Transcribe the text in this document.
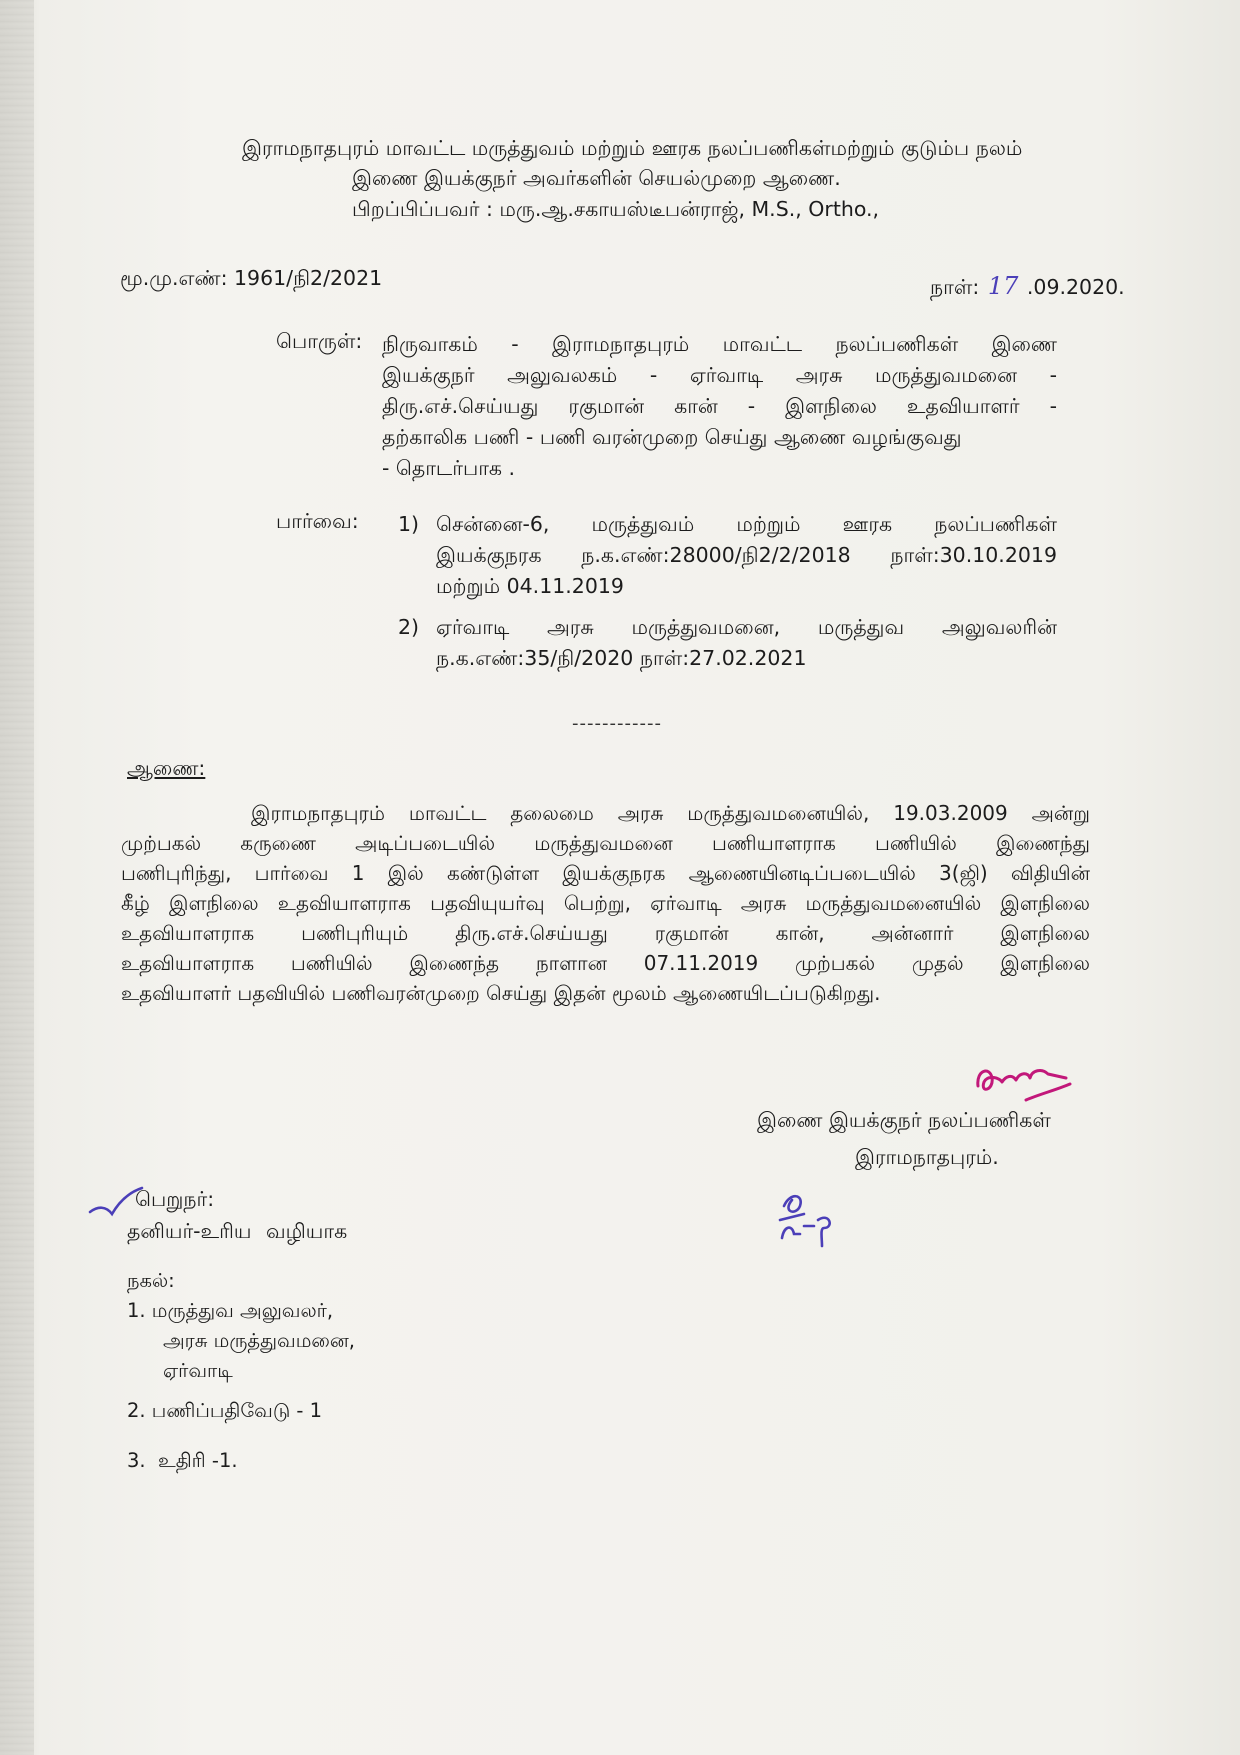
இராமநாதபுரம் மாவட்ட மருத்துவம் மற்றும் ஊரக நலப்பணிகள்மற்றும் குடும்ப நலம்
இணை இயக்குநர் அவர்களின் செயல்முறை ஆணை.
பிறப்பிப்பவர் : மரு.ஆ.சகாயஸ்டீபன்ராஜ், M.S., Ortho.,
மூ.மு.எண்: 1961/நி2/2021	நாள்: 17 .09.2020.
பொருள்: நிருவாகம் - இராமநாதபுரம் மாவட்ட நலப்பணிகள் இணை
இயக்குநர் அலுவலகம் - ஏர்வாடி அரசு மருத்துவமனை -
திரு.எச்.செய்யது ரகுமான் கான் - இளநிலை உதவியாளர் -
தற்காலிக பணி - பணி வரன்முறை செய்து ஆணை வழங்குவது
- தொடர்பாக .
பார்வை: 1) சென்னை-6, மருத்துவம் மற்றும் ஊரக நலப்பணிகள்
இயக்குநரக ந.க.எண்:28000/நி2/2/2018 நாள்:30.10.2019
மற்றும் 04.11.2019
2) ஏர்வாடி அரசு மருத்துவமனை, மருத்துவ அலுவலரின்
ந.க.எண்:35/நி/2020 நாள்:27.02.2021
------------
ஆணை:
இராமநாதபுரம் மாவட்ட தலைமை அரசு மருத்துவமனையில், 19.03.2009 அன்று
முற்பகல் கருணை அடிப்படையில் மருத்துவமனை பணியாளராக பணியில் இணைந்து
பணிபுரிந்து, பார்வை 1 இல் கண்டுள்ள இயக்குநரக ஆணையினடிப்படையில் 3(ஜி) விதியின்
கீழ் இளநிலை உதவியாளராக பதவியுயர்வு பெற்று, ஏர்வாடி அரசு மருத்துவமனையில் இளநிலை
உதவியாளராக பணிபுரியும் திரு.எச்.செய்யது ரகுமான் கான், அன்னார் இளநிலை
உதவியாளராக பணியில் இணைந்த நாளான 07.11.2019 முற்பகல் முதல் இளநிலை
உதவியாளர் பதவியில் பணிவரன்முறை செய்து இதன் மூலம் ஆணையிடப்படுகிறது.
இணை இயக்குநர் நலப்பணிகள்
இராமநாதபுரம்.
பெறுநர்:
தனியர்-உரிய வழியாக
நகல்:
1. மருத்துவ அலுவலர்,
அரசு மருத்துவமனை,
ஏர்வாடி
2. பணிப்பதிவேடு - 1
3.  உதிரி -1.
